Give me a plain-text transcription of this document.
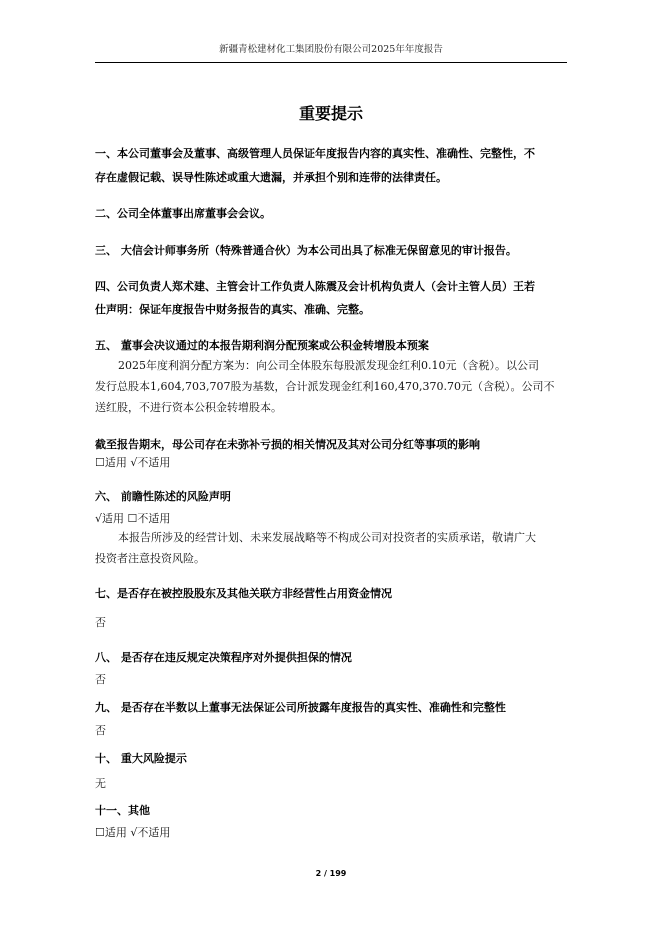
新疆青松建材化工集团股份有限公司2025年年度报告
重要提示
一、本公司董事会及董事、高级管理人员保证年度报告内容的真实性、准确性、完整性，不
存在虚假记载、误导性陈述或重大遗漏，并承担个别和连带的法律责任。
二、公司全体董事出席董事会会议。
三、 大信会计师事务所（特殊普通合伙）为本公司出具了标准无保留意见的审计报告。
四、公司负责人郑术建、主管会计工作负责人陈震及会计机构负责人（会计主管人员）王若
仕声明：保证年度报告中财务报告的真实、准确、完整。
五、 董事会决议通过的本报告期利润分配预案或公积金转增股本预案
2025年度利润分配方案为：向公司全体股东每股派发现金红利0.10元（含税）。以公司
发行总股本1,604,703,707股为基数，合计派发现金红利160,470,370.70元（含税）。公司不
送红股，不进行资本公积金转增股本。
截至报告期末，母公司存在未弥补亏损的相关情况及其对公司分红等事项的影响
☐适用 √不适用
六、 前瞻性陈述的风险声明
√适用 ☐不适用
本报告所涉及的经营计划、未来发展战略等不构成公司对投资者的实质承诺，敬请广大
投资者注意投资风险。
七、是否存在被控股股东及其他关联方非经营性占用资金情况
否
八、 是否存在违反规定决策程序对外提供担保的情况
否
九、 是否存在半数以上董事无法保证公司所披露年度报告的真实性、准确性和完整性
否
十、 重大风险提示
无
十一、其他
☐适用 √不适用
2 / 199
